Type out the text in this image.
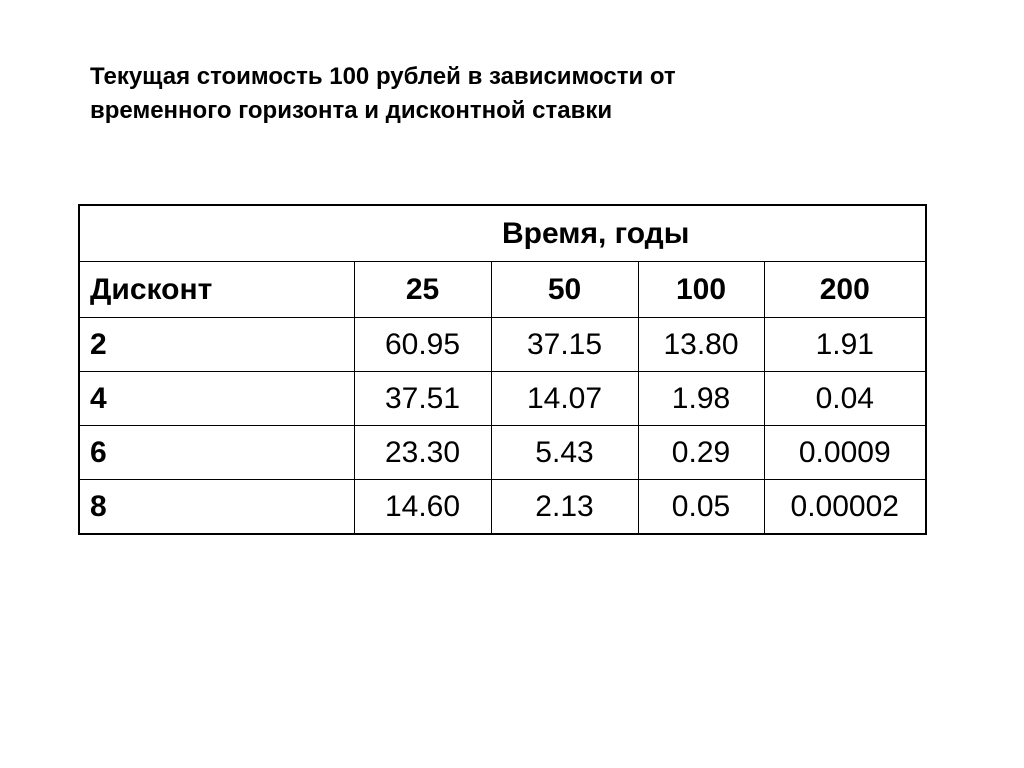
Текущая стоимость 100 рублей в зависимости от
временного горизонта и дисконтной ставки
Время, годы				
Дисконт	25	50	100	200
2	60.95	37.15	13.80	1.91
4	37.51	14.07	1.98	0.04
6	23.30	5.43	0.29	0.0009
8	14.60	2.13	0.05	0.00002
